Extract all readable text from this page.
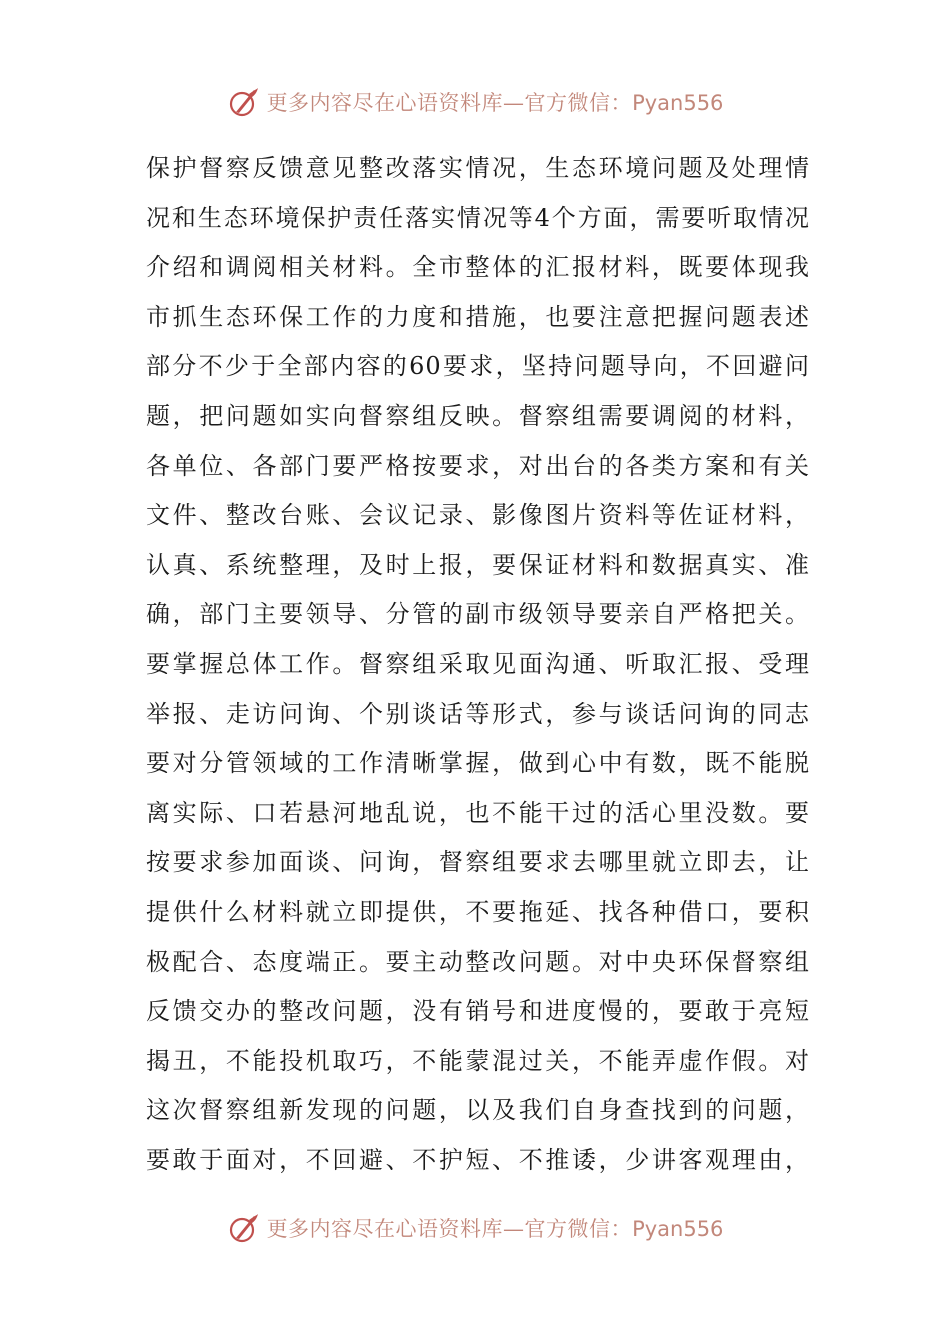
更多内容尽在心语资料库—官方微信：Pyan556
保护督察反馈意见整改落实情况，生态环境问题及处理情
况和生态环境保护责任落实情况等4个方面，需要听取情况
介绍和调阅相关材料。全市整体的汇报材料，既要体现我
市抓生态环保工作的力度和措施，也要注意把握问题表述
部分不少于全部内容的60要求，坚持问题导向，不回避问
题，把问题如实向督察组反映。督察组需要调阅的材料，
各单位、各部门要严格按要求，对出台的各类方案和有关
文件、整改台账、会议记录、影像图片资料等佐证材料，
认真、系统整理，及时上报，要保证材料和数据真实、准
确，部门主要领导、分管的副市级领导要亲自严格把关。
要掌握总体工作。督察组采取见面沟通、听取汇报、受理
举报、走访问询、个别谈话等形式，参与谈话问询的同志
要对分管领域的工作清晰掌握，做到心中有数，既不能脱
离实际、口若悬河地乱说，也不能干过的活心里没数。要
按要求参加面谈、问询，督察组要求去哪里就立即去，让
提供什么材料就立即提供，不要拖延、找各种借口，要积
极配合、态度端正。要主动整改问题。对中央环保督察组
反馈交办的整改问题，没有销号和进度慢的，要敢于亮短
揭丑，不能投机取巧，不能蒙混过关，不能弄虚作假。对
这次督察组新发现的问题，以及我们自身查找到的问题，
要敢于面对，不回避、不护短、不推诿，少讲客观理由，
更多内容尽在心语资料库—官方微信：Pyan556
